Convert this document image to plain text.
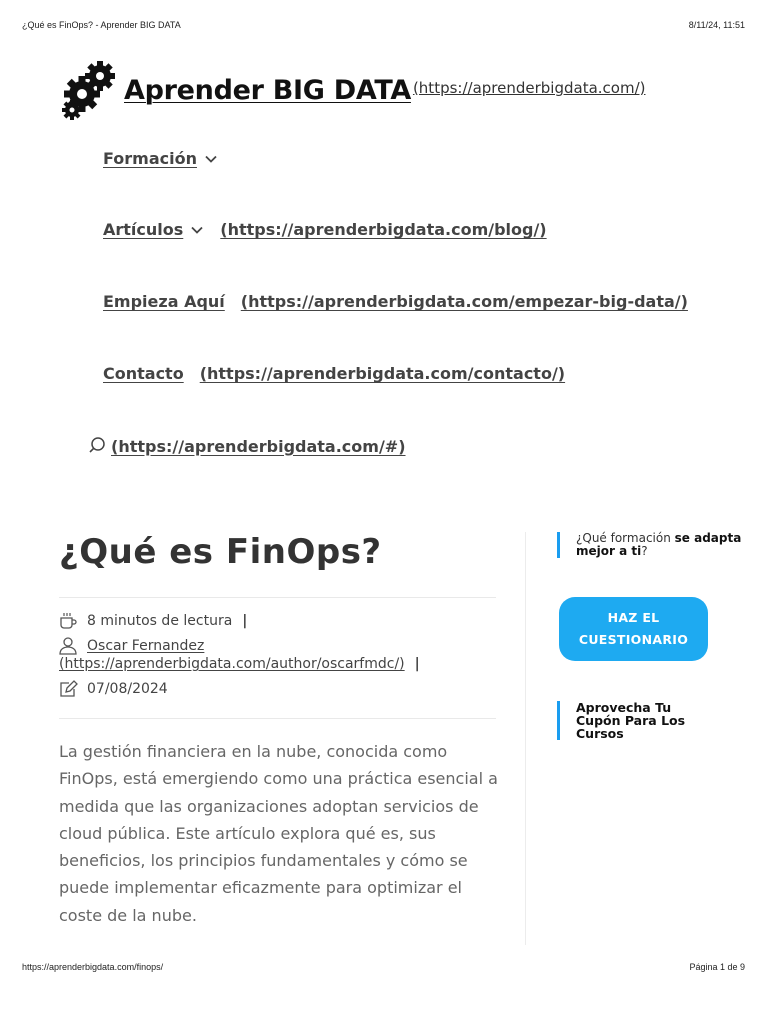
¿Qué es FinOps? - Aprender BIG DATA	8/11/24, 11:51
Aprender BIG DATA (https://aprenderbigdata.com/)
Formación
Artículos (https://aprenderbigdata.com/blog/)
Empieza Aquí (https://aprenderbigdata.com/empezar-big-data/)
Contacto (https://aprenderbigdata.com/contacto/)
(https://aprenderbigdata.com/#)
¿Qué es FinOps?
8 minutos de lectura |
Oscar Fernandez
(https://aprenderbigdata.com/author/oscarfmdc/) |
07/08/2024

La gestión financiera en la nube, conocida como FinOps, está emergiendo como una práctica esencial a medida que las organizaciones adoptan servicios de cloud pública. Este artículo explora qué es, sus beneficios, los principios fundamentales y cómo se puede implementar eficazmente para optimizar el coste de la nube.

¿Qué formación se adapta mejor a ti?
HAZ EL CUESTIONARIO
Aprovecha Tu Cupón Para Los Cursos
https://aprenderbigdata.com/finops/	Página 1 de 9
